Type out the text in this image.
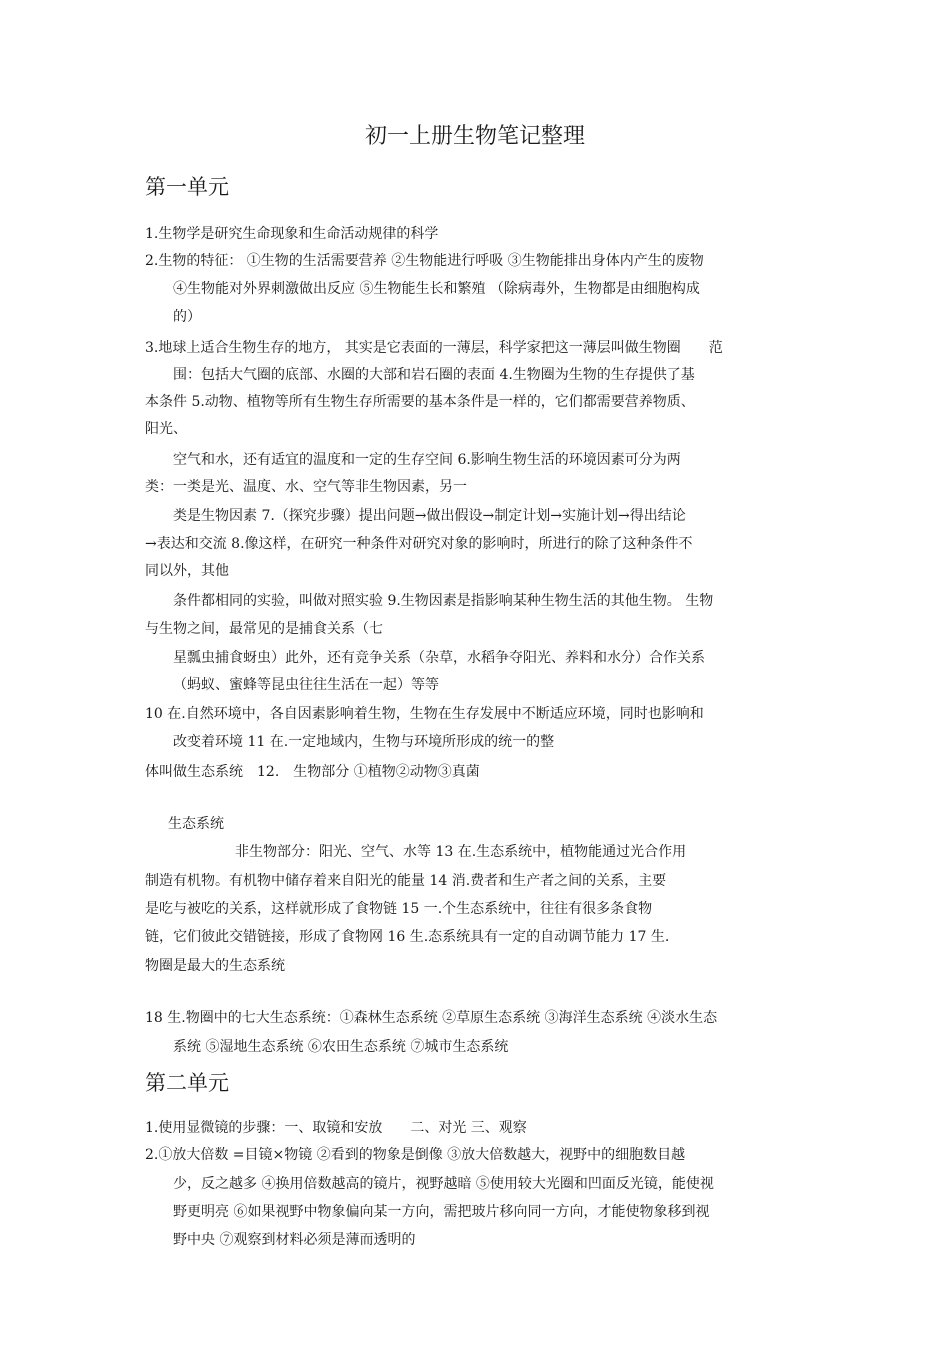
初一上册生物笔记整理
第一单元
1.生物学是研究生命现象和生命活动规律的科学
2.生物的特征： ①生物的生活需要营养 ②生物能进行呼吸 ③生物能排出身体内产生的废物
④生物能对外界刺激做出反应 ⑤生物能生长和繁殖 （除病毒外，生物都是由细胞构成
的）
3.地球上适合生物生存的地方， 其实是它表面的一薄层，科学家把这一薄层叫做生物圈　　范
围：包括大气圈的底部、水圈的大部和岩石圈的表面 4.生物圈为生物的生存提供了基
本条件 5.动物、植物等所有生物生存所需要的基本条件是一样的，它们都需要营养物质、
阳光、
空气和水，还有适宜的温度和一定的生存空间 6.影响生物生活的环境因素可分为两
类：一类是光、温度、水、空气等非生物因素，另一
类是生物因素 7.（探究步骤）提出问题→做出假设→制定计划→实施计划→得出结论
→表达和交流 8.像这样，在研究一种条件对研究对象的影响时，所进行的除了这种条件不
同以外，其他
条件都相同的实验，叫做对照实验 9.生物因素是指影响某种生物生活的其他生物。 生物
与生物之间，最常见的是捕食关系（七
星瓢虫捕食蚜虫）此外，还有竞争关系（杂草，水稻争夺阳光、养料和水分）合作关系
（蚂蚁、蜜蜂等昆虫往往生活在一起）等等
10 在.自然环境中，各自因素影响着生物，生物在生存发展中不断适应环境，同时也影响和
改变着环境 11 在.一定地域内，生物与环境所形成的统一的整
体叫做生态系统　12.　生物部分 ①植物②动物③真菌
生态系统
非生物部分：阳光、空气、水等 13 在.生态系统中，植物能通过光合作用
制造有机物。有机物中储存着来自阳光的能量 14 消.费者和生产者之间的关系，主要
是吃与被吃的关系，这样就形成了食物链 15 一.个生态系统中，往往有很多条食物
链，它们彼此交错链接，形成了食物网 16 生.态系统具有一定的自动调节能力 17 生.
物圈是最大的生态系统
18 生.物圈中的七大生态系统：①森林生态系统 ②草原生态系统 ③海洋生态系统 ④淡水生态
系统 ⑤湿地生态系统 ⑥农田生态系统 ⑦城市生态系统
第二单元
1.使用显微镜的步骤：一、取镜和安放　　二、对光 三、观察
2.①放大倍数 =目镜×物镜 ②看到的物象是倒像 ③放大倍数越大，视野中的细胞数目越
少，反之越多 ④换用倍数越高的镜片，视野越暗 ⑤使用较大光圈和凹面反光镜，能使视
野更明亮 ⑥如果视野中物象偏向某一方向，需把玻片移向同一方向，才能使物象移到视
野中央 ⑦观察到材料必须是薄而透明的
